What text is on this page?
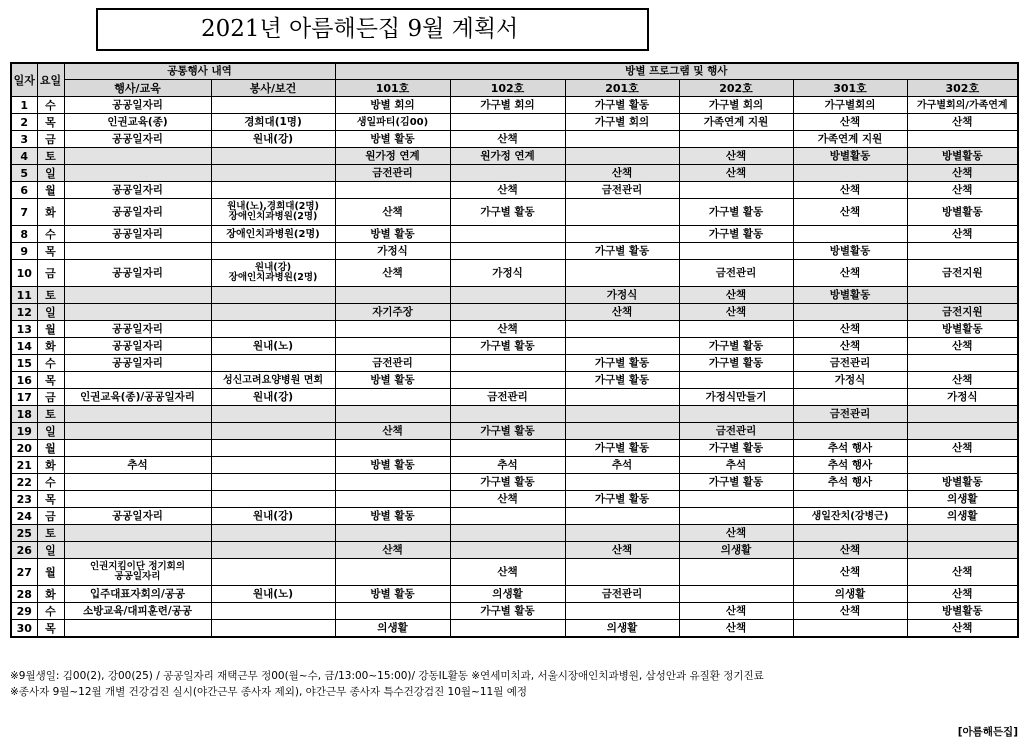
2021년 아름해든집 9월 계획서
일자	요일	공통행사 내역		방별 프로그램 및 행사					
		행사/교육	봉사/보건	101호	102호	201호	202호	301호	302호
1	수	공공일자리		방별 회의	가구별 회의	가구별 활동	가구별 회의	가구별회의	가구별회의/가족연계
2	목	인권교육(종)	경희대(1명)	생일파티(김00)		가구별 회의	가족연계 지원	산책	산책
3	금	공공일자리	원내(강)	방별 활동	산책			가족연계 지원	
4	토			원가정 연계	원가정 연계		산책	방별활동	방별활동
5	일			금전관리		산책	산책		산책
6	월	공공일자리			산책	금전관리		산책	산책
7	화	공공일자리	원내(노),경희대(2명)
장애인치과병원(2명)	산책	가구별 활동		가구별 활동	산책	방별활동
8	수	공공일자리	장애인치과병원(2명)	방별 활동			가구별 활동		산책
9	목			가정식		가구별 활동		방별활동	
10	금	공공일자리	원내(강)
장애인치과병원(2명)	산책	가정식		금전관리	산책	금전지원
11	토					가정식	산책	방별활동	
12	일			자기주장		산책	산책		금전지원
13	월	공공일자리			산책			산책	방별활동
14	화	공공일자리	원내(노)		가구별 활동		가구별 활동	산책	산책
15	수	공공일자리		금전관리		가구별 활동	가구별 활동	금전관리	
16	목		성신고려요양병원 면회	방별 활동		가구별 활동		가정식	산책
17	금	인권교육(종)/공공일자리	원내(강)		금전관리		가정식만들기		가정식
18	토							금전관리	
19	일			산책	가구별 활동		금전관리		
20	월					가구별 활동	가구별 활동	추석 행사	산책
21	화	추석		방별 활동	추석	추석	추석	추석 행사	
22	수				가구별 활동		가구별 활동	추석 행사	방별활동
23	목				산책	가구별 활동			의생활
24	금	공공일자리	원내(강)	방별 활동				생일잔치(강병근)	의생활
25	토						산책		
26	일			산책		산책	의생활	산책	
27	월	인권지킴이단 정기회의
공공일자리			산책			산책	산책
28	화	입주대표자회의/공공	원내(노)	방별 활동	의생활	금전관리		의생활	산책
29	수	소방교육/대피훈련/공공			가구별 활동		산책	산책	방별활동
30	목			의생활		의생활	산책		산책
※9월생일: 김00(2), 강00(25) / 공공일자리 재택근무 정00(월~수, 금/13:00~15:00)/ 강동IL활동 ※연세미치과, 서울시장애인치과병원, 삼성안과 유질환 정기진료
※종사자 9월~12월 개별 건강검진 실시(야간근무 종사자 제외), 야간근무 종사자 특수건강검진 10월~11월 예정
[아름해든집]
